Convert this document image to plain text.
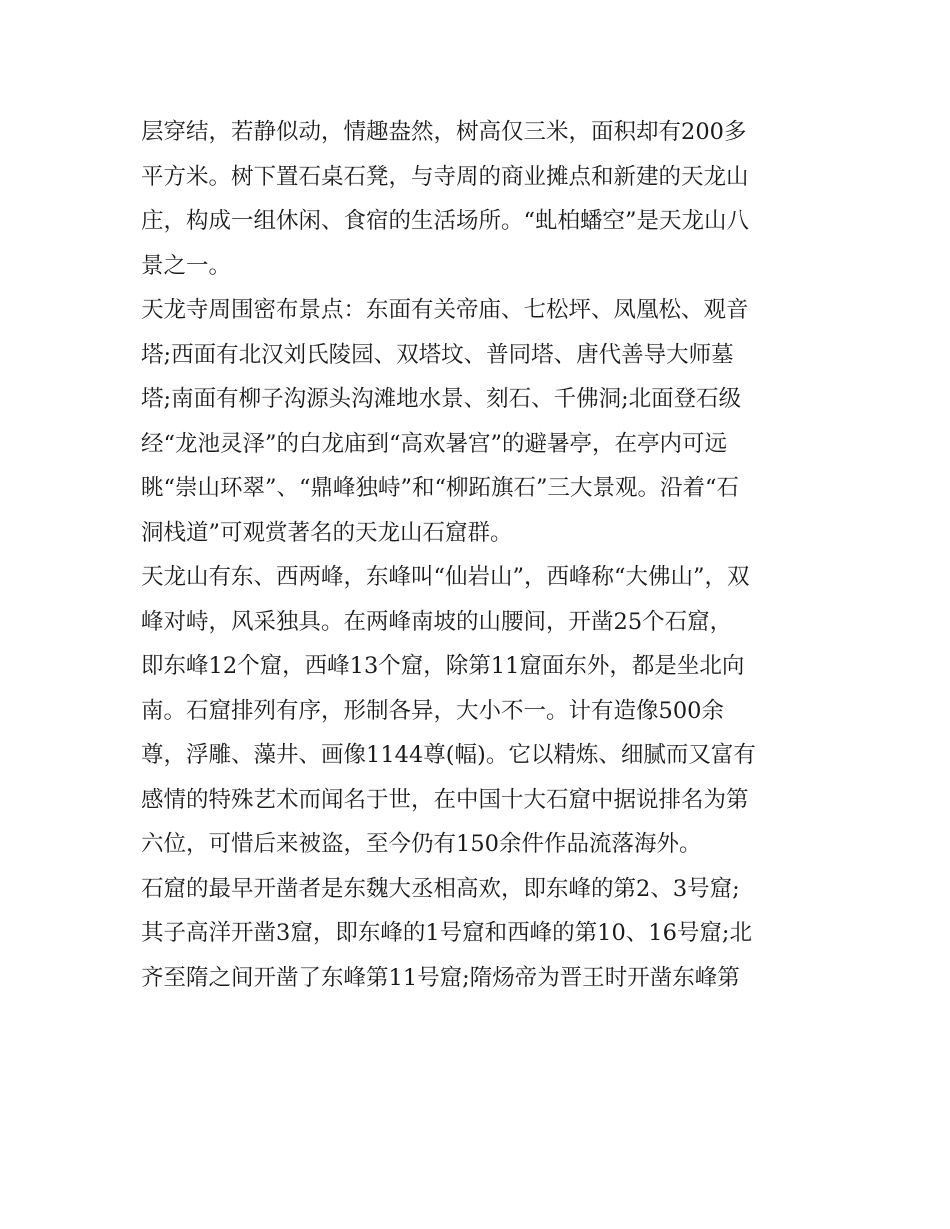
层穿结，若静似动，情趣盎然，树高仅三米，面积却有200多
平方米。树下置石桌石凳，与寺周的商业摊点和新建的天龙山
庄，构成一组休闲、食宿的生活场所。“虬柏蟠空”是天龙山八
景之一。
天龙寺周围密布景点：东面有关帝庙、七松坪、凤凰松、观音
塔;西面有北汉刘氏陵园、双塔坟、普同塔、唐代善导大师墓
塔;南面有柳子沟源头沟滩地水景、刻石、千佛洞;北面登石级
经“龙池灵泽”的白龙庙到“高欢暑宫”的避暑亭，在亭内可远
眺“崇山环翠”、“鼎峰独峙”和“柳跖旗石”三大景观。沿着“石
洞栈道”可观赏著名的天龙山石窟群。
天龙山有东、西两峰，东峰叫“仙岩山”，西峰称“大佛山”，双
峰对峙，风采独具。在两峰南坡的山腰间，开凿25个石窟，
即东峰12个窟，西峰13个窟，除第11窟面东外，都是坐北向
南。石窟排列有序，形制各异，大小不一。计有造像500余
尊，浮雕、藻井、画像1144尊(幅)。它以精炼、细腻而又富有
感情的特殊艺术而闻名于世，在中国十大石窟中据说排名为第
六位，可惜后来被盗，至今仍有150余件作品流落海外。
石窟的最早开凿者是东魏大丞相高欢，即东峰的第2、3号窟;
其子高洋开凿3窟，即东峰的1号窟和西峰的第10、16号窟;北
齐至隋之间开凿了东峰第11号窟;隋炀帝为晋王时开凿东峰第
